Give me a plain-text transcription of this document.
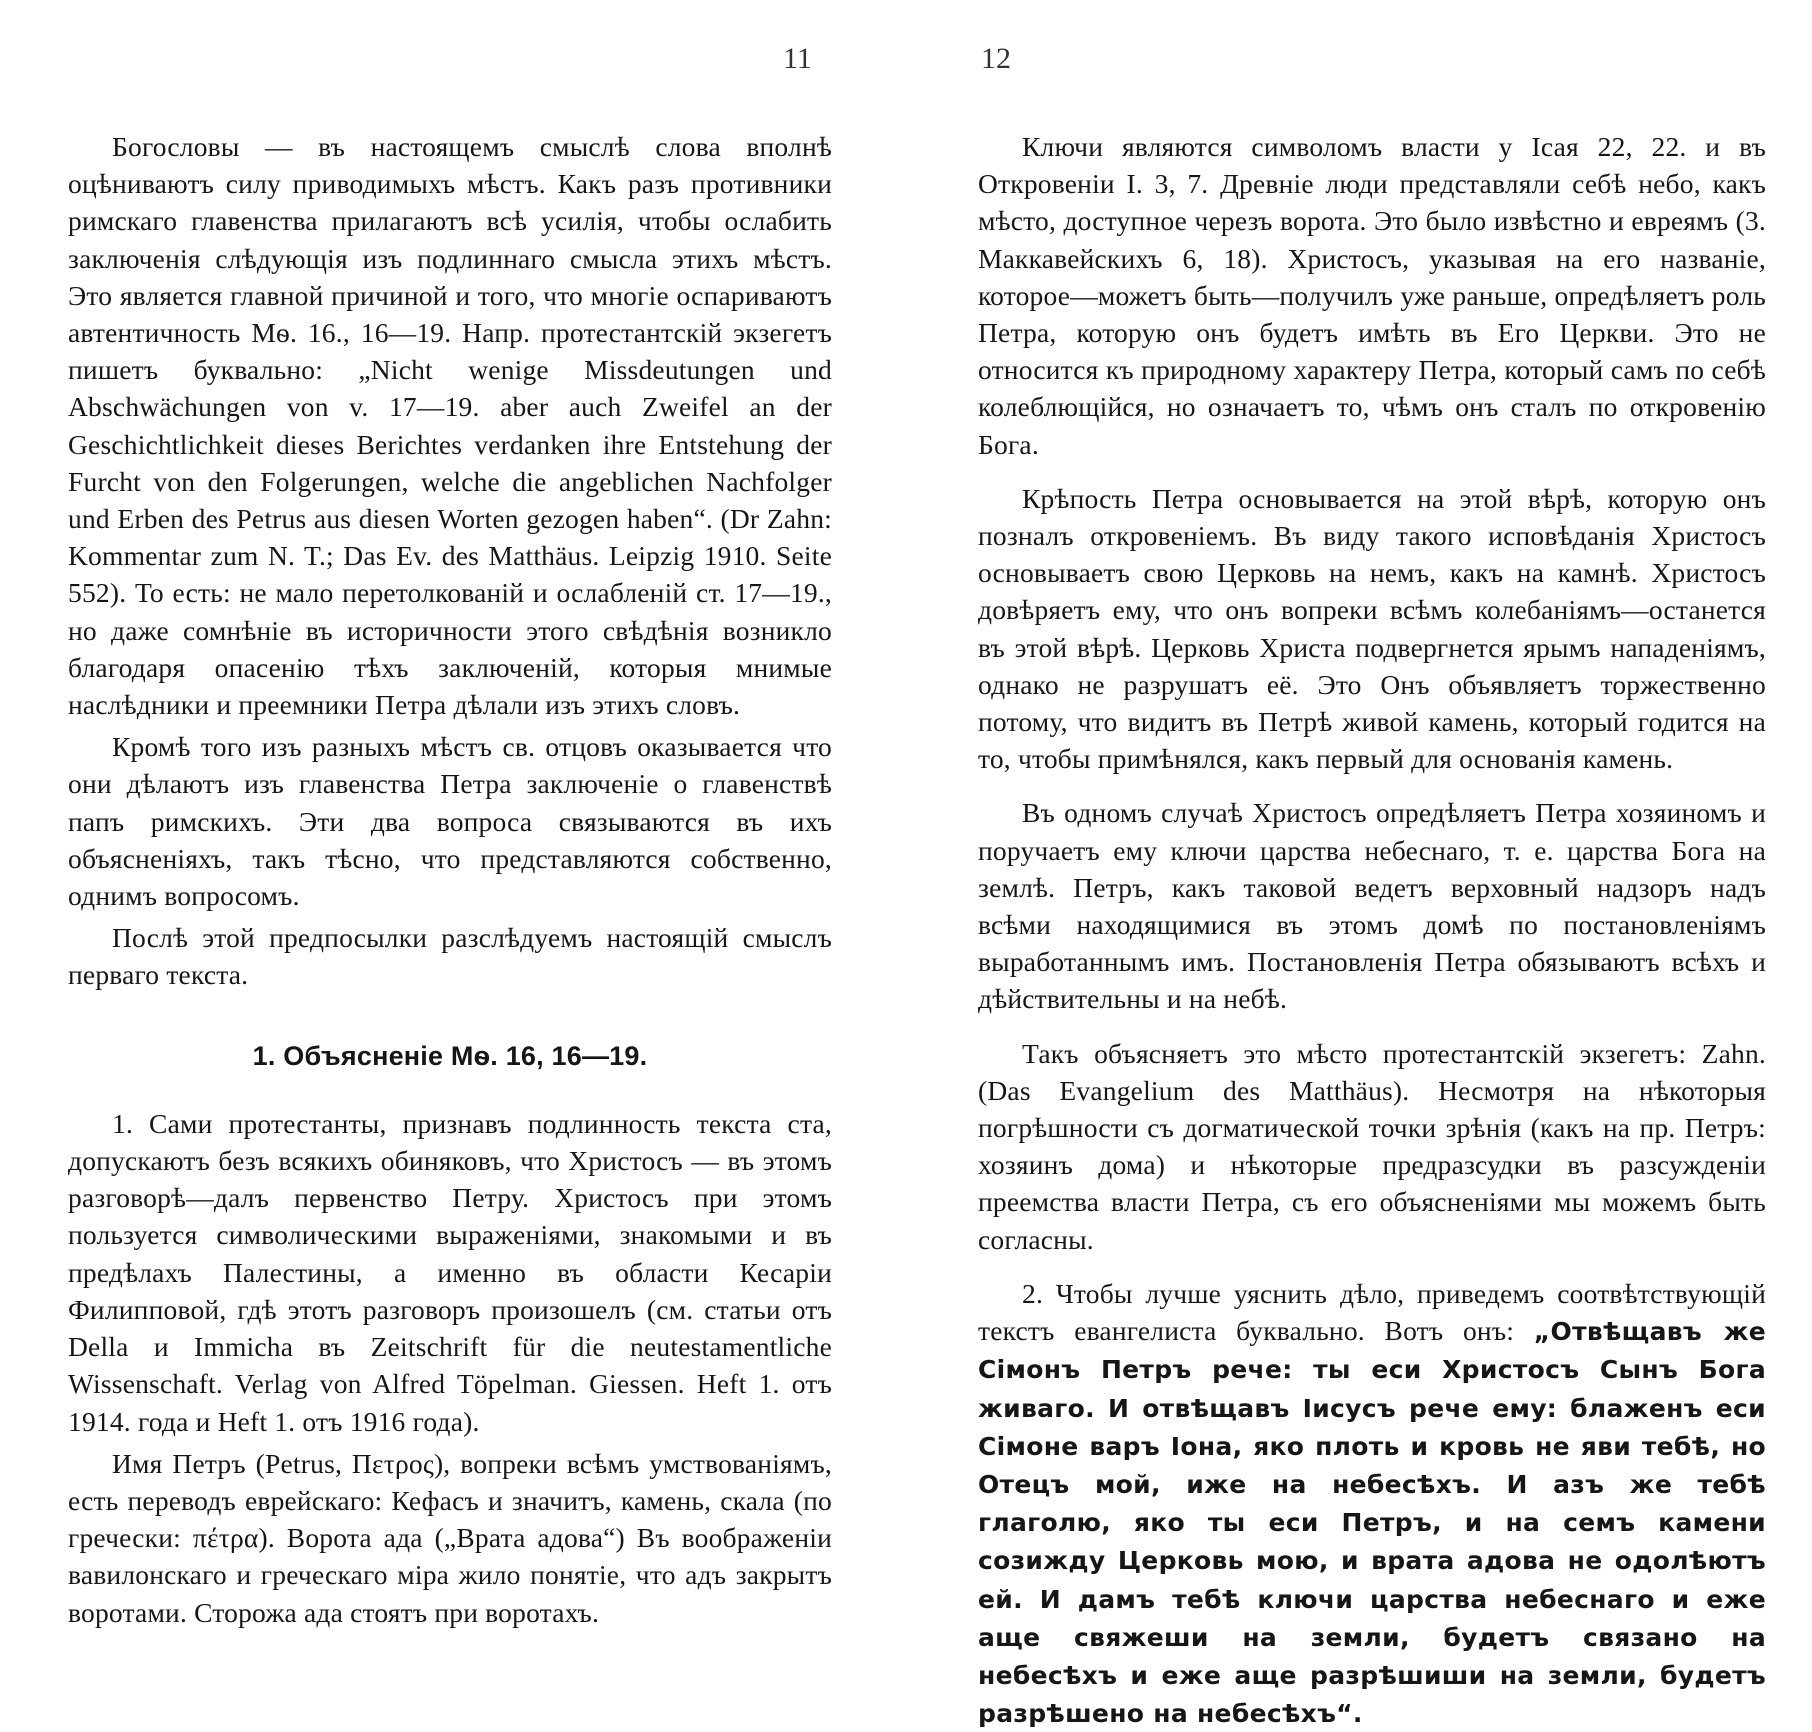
11

Богословы — въ настоящемъ смыслѣ слова вполнѣ оцѣниваютъ силу приводимыхъ мѣстъ. Какъ разъ противники римскаго главенства прилагаютъ всѣ усилія, чтобы ослабить заключенія слѣдующія изъ подлиннаго смысла этихъ мѣстъ. Это является главной причиной и того, что многіе оспариваютъ автентичность Мѳ. 16., 16—19. Напр. протестантскій экзегетъ пишетъ буквально: „Nicht wenige Missdeutungen und Abschwächungen von v. 17—19. aber auch Zweifel an der Geschichtlichkeit dieses Berichtes verdanken ihre Entstehung der Furcht von den Folgerungen, welche die angeblichen Nachfolger und Erben des Petrus aus diesen Worten gezogen haben“. (Dr Zahn: Kommentar zum N. T.; Das Ev. des Matthäus. Leipzig 1910. Seite 552). То есть: не мало перетолкованій и ослабленій ст. 17—19., но даже сомнѣніе въ историчности этого свѣдѣнія возникло благодаря опасенію тѣхъ заключеній, которыя мнимые наслѣдники и преемники Петра дѣлали изъ этихъ словъ.

Кромѣ того изъ разныхъ мѣстъ св. отцовъ оказывается что они дѣлаютъ изъ главенства Петра заключеніе о главенствѣ папъ римскихъ. Эти два вопроса связываются въ ихъ объясненіяхъ, такъ тѣсно, что представляются собственно, однимъ вопросомъ.

Послѣ этой предпосылки разслѣдуемъ настоящій смыслъ перваго текста.

1. Объясненіе Мѳ. 16, 16—19.

1. Сами протестанты, признавъ подлинность текста ста, допускаютъ безъ всякихъ обиняковъ, что Христосъ — въ этомъ разговорѣ—далъ первенство Петру. Христосъ при этомъ пользуется символическими выраженіями, знакомыми и въ предѣлахъ Палестины, а именно въ области Кесаріи Филипповой, гдѣ этотъ разговоръ произошелъ (см. статьи отъ Della и Immicha въ Zeitschrift für die neutestamentliche Wissenschaft. Verlag von Alfred Töpelman. Giessen. Heft 1. отъ 1914. года и Heft 1. отъ 1916 года).

Имя Петръ (Petrus, Πετρος), вопреки всѣмъ умствованіямъ, есть переводъ еврейскаго: Кефасъ и значитъ, камень, скала (по гречески: πέτρα). Ворота ада („Врата адова“) Въ воображеніи вавилонскаго и греческаго міра жило понятіе, что адъ закрытъ воротами. Сторожа ада стоятъ при воротахъ.

12

Ключи являются символомъ власти у Ісая 22, 22. и въ Откровеніи I. 3, 7. Древніе люди представляли себѣ небо, какъ мѣсто, доступное черезъ ворота. Это было извѣстно и евреямъ (3. Маккавейскихъ 6, 18). Христосъ, указывая на его названіе, которое—можетъ быть—получилъ уже раньше, опредѣляетъ роль Петра, которую онъ будетъ имѣть въ Его Церкви. Это не относится къ природному характеру Петра, который самъ по себѣ колеблющійся, но означаетъ то, чѣмъ онъ сталъ по откровенію Бога.

Крѣпость Петра основывается на этой вѣрѣ, которую онъ позналъ откровеніемъ. Въ виду такого исповѣданія Христосъ основываетъ свою Церковь на немъ, какъ на камнѣ. Христосъ довѣряетъ ему, что онъ вопреки всѣмъ колебаніямъ—останется въ этой вѣрѣ. Церковь Христа подвергнется ярымъ нападеніямъ, однако не разрушатъ её. Это Онъ объявляетъ торжественно потому, что видитъ въ Петрѣ живой камень, который годится на то, чтобы примѣнялся, какъ первый для основанія камень.

Въ одномъ случаѣ Христосъ опредѣляетъ Петра хозяиномъ и поручаетъ ему ключи царства небеснаго, т. е. царства Бога на землѣ. Петръ, какъ таковой ведетъ верховный надзоръ надъ всѣми находящимися въ этомъ домѣ по постановленіямъ выработаннымъ имъ. Постановленія Петра обязываютъ всѣхъ и дѣйствительны и на небѣ.

Такъ объясняетъ это мѣсто протестантскій экзегетъ: Zahn. (Das Evangelium des Matthäus). Несмотря на нѣкоторыя погрѣшности съ догматической точки зрѣнія (какъ на пр. Петръ: хозяинъ дома) и нѣкоторые предразсудки въ разсужденіи преемства власти Петра, съ его объясненіями мы можемъ быть согласны.

2. Чтобы лучше уяснить дѣло, приведемъ соотвѣтствующій текстъ евангелиста буквально. Вотъ онъ: „Отвѣщавъ же Сімонъ Петръ рече: ты еси Христосъ Сынъ Бога живаго. И отвѣщавъ Іисусъ рече ему: блаженъ еси Сімоне варъ Іона, яко плоть и кровь не яви тебѣ, но Отецъ мой, иже на небесѣхъ. И азъ же тебѣ глаголю, яко ты еси Петръ, и на семъ камени созижду Церковь мою, и врата адова не одолѣютъ ей. И дамъ тебѣ ключи царства небеснаго и еже аще свяжеши на земли, будетъ связано на небесѣхъ и еже аще разрѣшиши на земли, будетъ разрѣшено на небесѣхъ“.
